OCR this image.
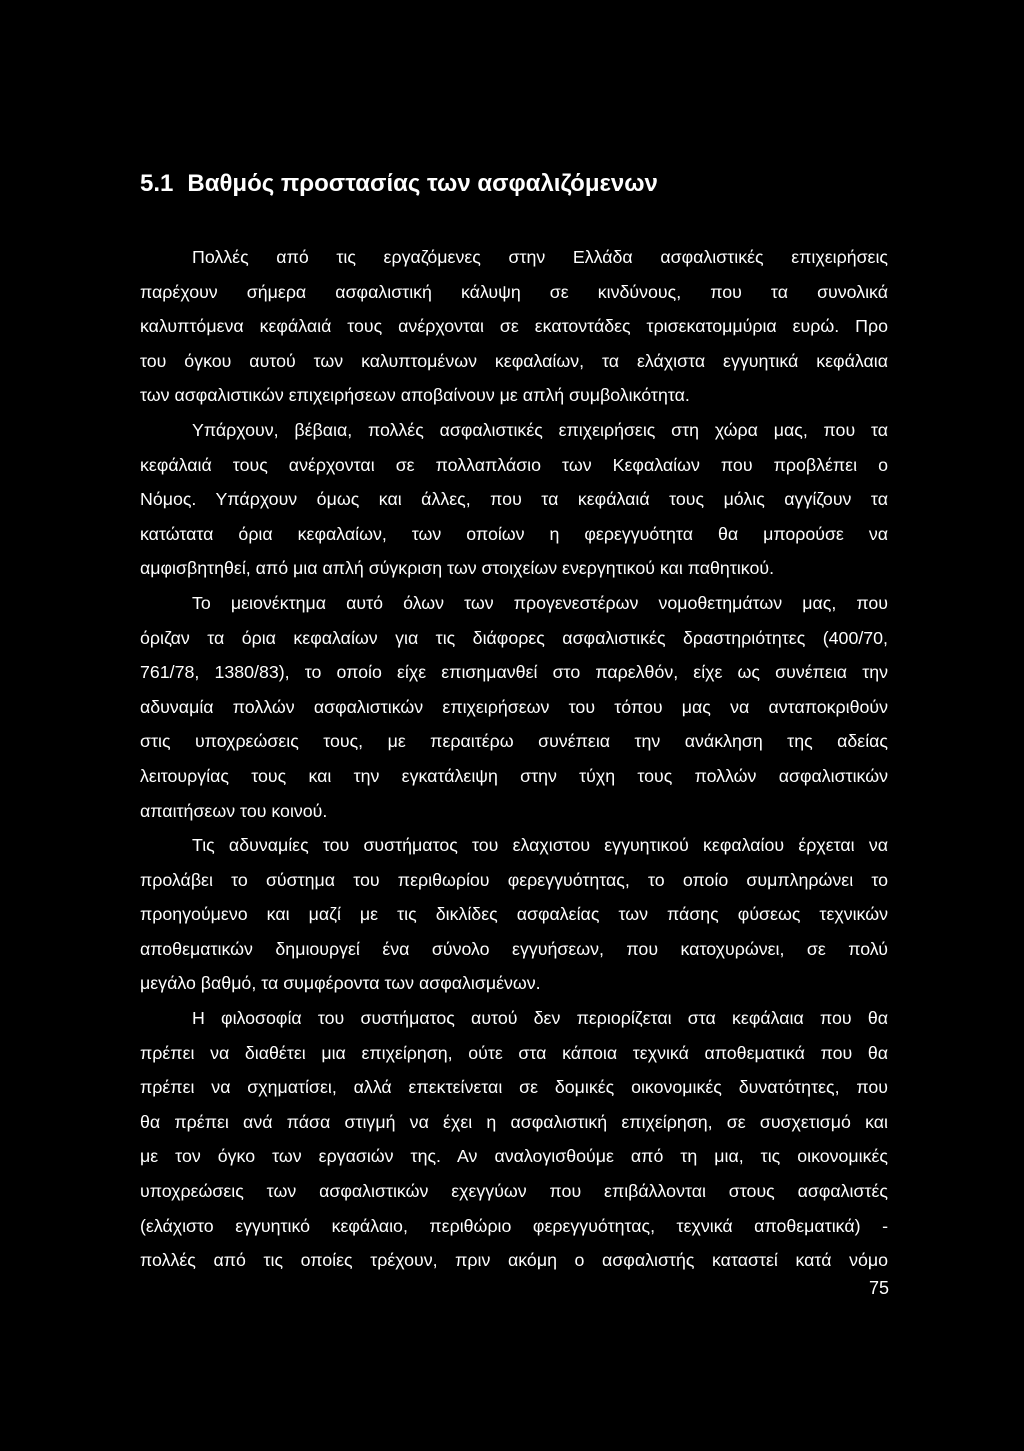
5.1 Βαθμός προστασίας των ασφαλιζόμενων
Πολλές από τις εργαζόμενες στην Ελλάδα ασφαλιστικές επιχειρήσεις
παρέχουν σήμερα ασφαλιστική κάλυψη σε κινδύνους, που τα συνολικά
καλυπτόμενα κεφάλαιά τους ανέρχονται σε εκατοντάδες τρισεκατομμύρια ευρώ. Προ
του όγκου αυτού των καλυπτομένων κεφαλαίων, τα ελάχιστα εγγυητικά κεφάλαια
των ασφαλιστικών επιχειρήσεων αποβαίνουν με απλή συμβολικότητα.
Υπάρχουν, βέβαια, πολλές ασφαλιστικές επιχειρήσεις στη χώρα μας, που τα
κεφάλαιά τους ανέρχονται σε πολλαπλάσιο των Κεφαλαίων που προβλέπει ο
Νόμος. Υπάρχουν όμως και άλλες, που τα κεφάλαιά τους μόλις αγγίζουν τα
κατώτατα όρια κεφαλαίων, των οποίων η φερεγγυότητα θα μπορούσε να
αμφισβητηθεί, από μια απλή σύγκριση των στοιχείων ενεργητικού και παθητικού.
Το μειονέκτημα αυτό όλων των προγενεστέρων νομοθετημάτων μας, που
όριζαν τα όρια κεφαλαίων για τις διάφορες ασφαλιστικές δραστηριότητες (400/70,
761/78, 1380/83), το οποίο είχε επισημανθεί στο παρελθόν, είχε ως συνέπεια την
αδυναμία πολλών ασφαλιστικών επιχειρήσεων του τόπου μας να ανταποκριθούν
στις υποχρεώσεις τους, με περαιτέρω συνέπεια την ανάκληση της αδείας
λειτουργίας τους και την εγκατάλειψη στην τύχη τους πολλών ασφαλιστικών
απαιτήσεων του κοινού.
Τις αδυναμίες του συστήματος του ελαχιστου εγγυητικού κεφαλαίου έρχεται να
προλάβει το σύστημα του περιθωρίου φερεγγυότητας, το οποίο συμπληρώνει το
προηγούμενο και μαζί με τις δικλίδες ασφαλείας των πάσης φύσεως τεχνικών
αποθεματικών δημιουργεί ένα σύνολο εγγυήσεων, που κατοχυρώνει, σε πολύ
μεγάλο βαθμό, τα συμφέροντα των ασφαλισμένων.
Η φιλοσοφία του συστήματος αυτού δεν περιορίζεται στα κεφάλαια που θα
πρέπει να διαθέτει μια επιχείρηση, ούτε στα κάποια τεχνικά αποθεματικά που θα
πρέπει να σχηματίσει, αλλά επεκτείνεται σε δομικές οικονομικές δυνατότητες, που
θα πρέπει ανά πάσα στιγμή να έχει η ασφαλιστική επιχείρηση, σε συσχετισμό και
με τον όγκο των εργασιών της. Αν αναλογισθούμε από τη μια, τις οικονομικές
υποχρεώσεις των ασφαλιστικών εχεγγύων που επιβάλλονται στους ασφαλιστές
(ελάχιστο εγγυητικό κεφάλαιο, περιθώριο φερεγγυότητας, τεχνικά αποθεματικά) -
πολλές από τις οποίες τρέχουν, πριν ακόμη ο ασφαλιστής καταστεί κατά νόμο
75
